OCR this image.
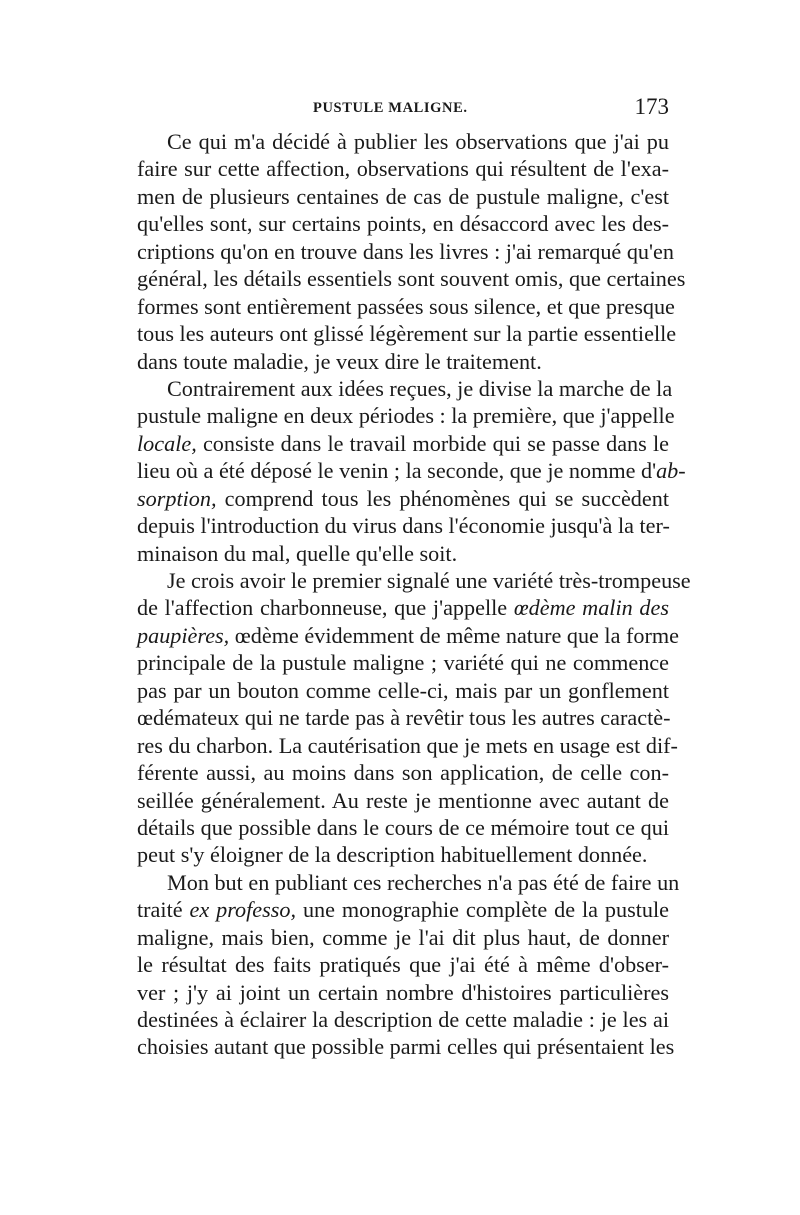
PUSTULE MALIGNE.	173
Ce qui m'a décidé à publier les observations que j'ai pu
faire sur cette affection, observations qui résultent de l'exa-
men de plusieurs centaines de cas de pustule maligne, c'est
qu'elles sont, sur certains points, en désaccord avec les des-
criptions qu'on en trouve dans les livres : j'ai remarqué qu'en
général, les détails essentiels sont souvent omis, que certaines
formes sont entièrement passées sous silence, et que presque
tous les auteurs ont glissé légèrement sur la partie essentielle
dans toute maladie, je veux dire le traitement.
Contrairement aux idées reçues, je divise la marche de la
pustule maligne en deux périodes : la première, que j'appelle
locale, consiste dans le travail morbide qui se passe dans le
lieu où a été déposé le venin ; la seconde, que je nomme d'ab-
sorption, comprend tous les phénomènes qui se succèdent
depuis l'introduction du virus dans l'économie jusqu'à la ter-
minaison du mal, quelle qu'elle soit.
Je crois avoir le premier signalé une variété très-trompeuse
de l'affection charbonneuse, que j'appelle œdème malin des
paupières, œdème évidemment de même nature que la forme
principale de la pustule maligne ; variété qui ne commence
pas par un bouton comme celle-ci, mais par un gonflement
œdémateux qui ne tarde pas à revêtir tous les autres caractè-
res du charbon. La cautérisation que je mets en usage est dif-
férente aussi, au moins dans son application, de celle con-
seillée généralement. Au reste je mentionne avec autant de
détails que possible dans le cours de ce mémoire tout ce qui
peut s'y éloigner de la description habituellement donnée.
Mon but en publiant ces recherches n'a pas été de faire un
traité ex professo, une monographie complète de la pustule
maligne, mais bien, comme je l'ai dit plus haut, de donner
le résultat des faits pratiqués que j'ai été à même d'obser-
ver ; j'y ai joint un certain nombre d'histoires particulières
destinées à éclairer la description de cette maladie : je les ai
choisies autant que possible parmi celles qui présentaient les
